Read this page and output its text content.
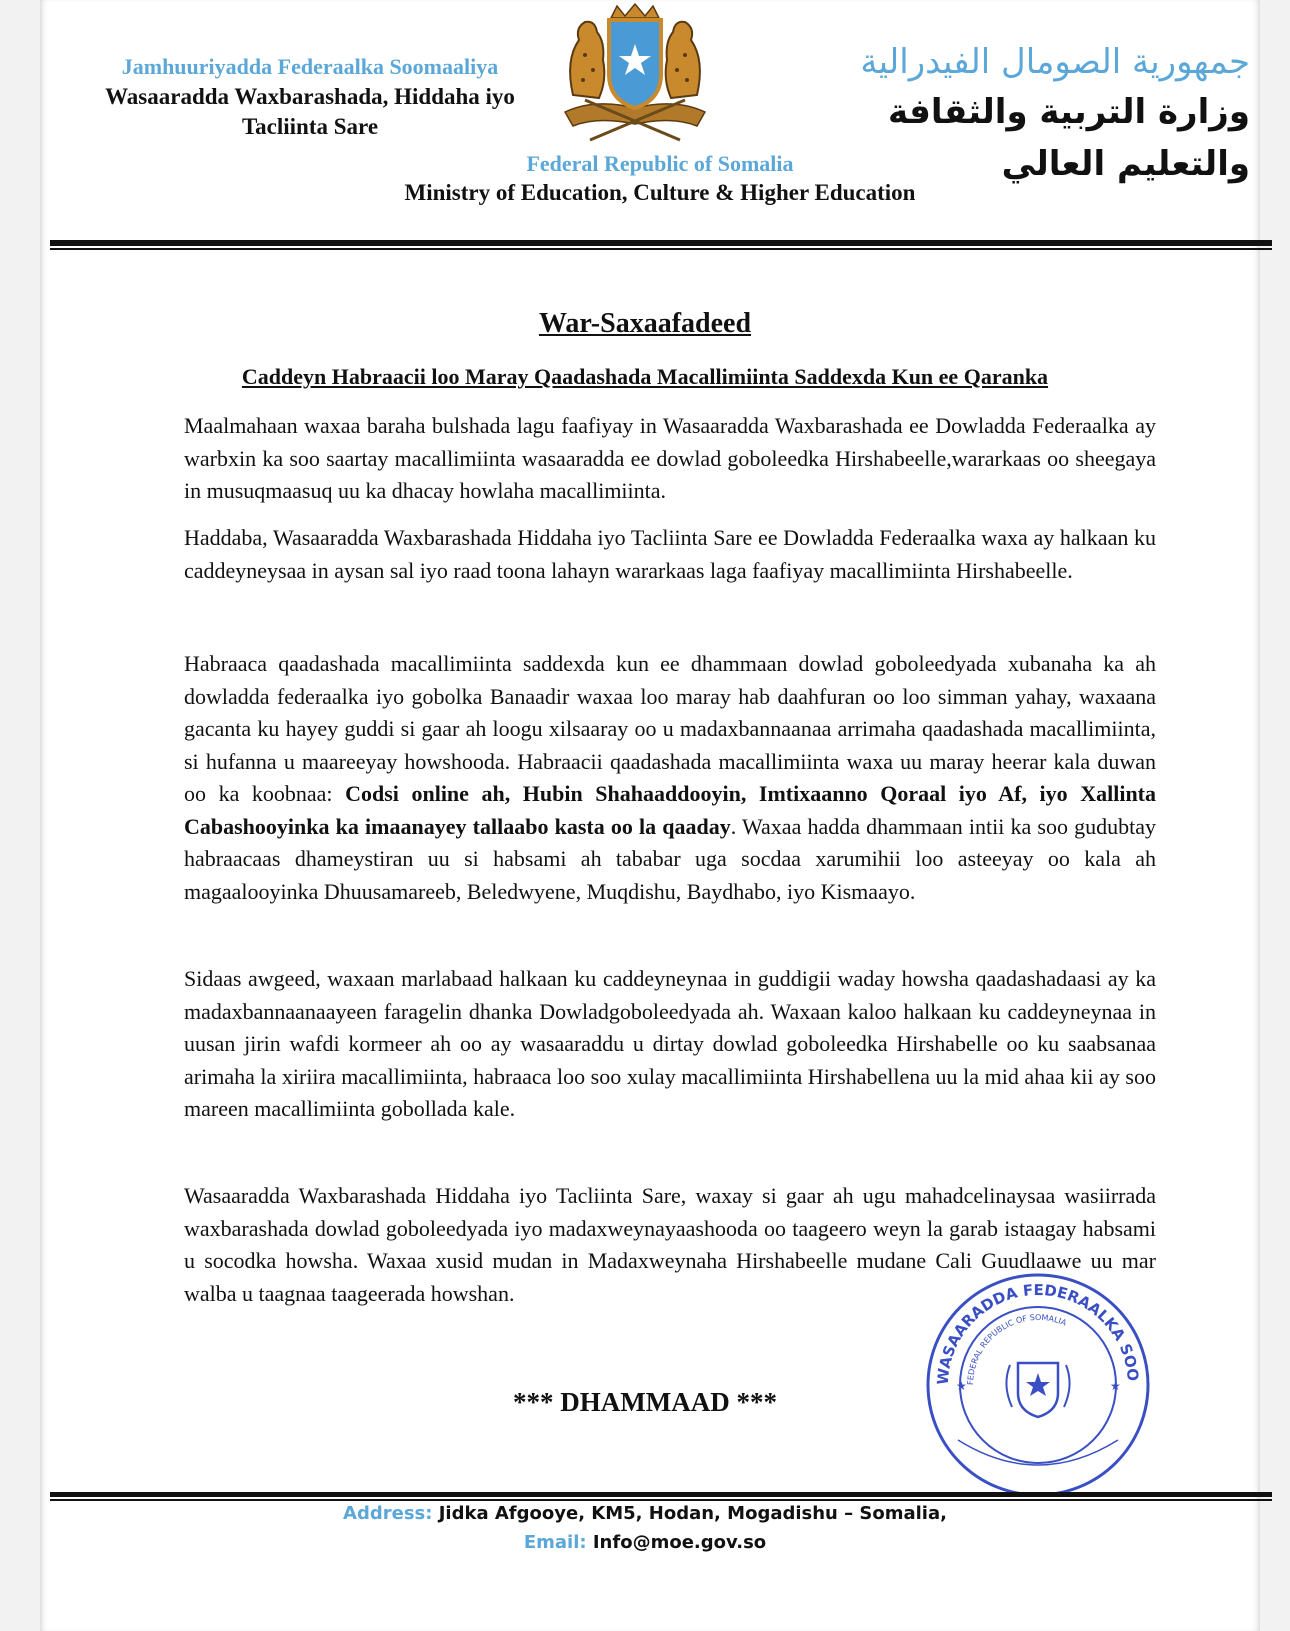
Jamhuuriyadda Federaalka Soomaaliya
Wasaaradda Waxbarashada, Hiddaha iyo
Tacliinta Sare
جمهورية الصومال الفيدرالية
وزارة التربية والثقافة والتعليم العالي
Federal Republic of Somalia
Ministry of Education, Culture & Higher Education
War-Saxaafadeed
Caddeyn Habraacii loo Maray Qaadashada Macallimiinta Saddexda Kun ee Qaranka
Maalmahaan waxaa baraha bulshada lagu faafiyay in Wasaaradda Waxbarashada ee Dowladda Federaalka ay warbxin ka soo saartay macallimiinta wasaaradda ee dowlad goboleedka Hirshabeelle,wararkaas oo sheegaya in musuqmaasuq uu ka dhacay howlaha macallimiinta.
Haddaba, Wasaaradda Waxbarashada Hiddaha iyo Tacliinta Sare ee Dowladda Federaalka waxa ay halkaan ku caddeyneysaa in aysan sal iyo raad toona lahayn wararkaas laga faafiyay macallimiinta Hirshabeelle.
Habraaca qaadashada macallimiinta saddexda kun ee dhammaan dowlad goboleedyada xubanaha ka ah dowladda federaalka iyo gobolka Banaadir waxaa loo maray hab daahfuran oo loo simman yahay, waxaana gacanta ku hayey guddi si gaar ah loogu xilsaaray oo u madaxbannaanaa arrimaha qaadashada macallimiinta, si hufanna u maareeyay howshooda. Habraacii qaadashada macallimiinta waxa uu maray heerar kala duwan oo ka koobnaa: Codsi online ah, Hubin Shahaaddooyin, Imtixaanno Qoraal iyo Af, iyo Xallinta Cabashooyinka ka imaanayey tallaabo kasta oo la qaaday. Waxaa hadda dhammaan intii ka soo gudubtay habraacaas dhameystiran uu si habsami ah tababar uga socdaa xarumihii loo asteeyay oo kala ah magaalooyinka Dhuusamareeb, Beledwyene, Muqdishu, Baydhabo, iyo Kismaayo.
Sidaas awgeed, waxaan marlabaad halkaan ku caddeyneynaa in guddigii waday howsha qaadashadaasi ay ka madaxbannaanaayeen faragelin dhanka Dowladgoboleedyada ah. Waxaan kaloo halkaan ku caddeyneynaa in uusan jirin wafdi kormeer ah oo ay wasaaraddu u dirtay dowlad goboleedka Hirshabelle oo ku saabsanaa arimaha la xiriira macallimiinta, habraaca loo soo xulay macallimiinta Hirshabellena uu la mid ahaa kii ay soo mareen macallimiinta gobollada kale.
Wasaaradda Waxbarashada Hiddaha iyo Tacliinta Sare, waxay si gaar ah ugu mahadcelinaysaa wasiirrada waxbarashada dowlad goboleedyada iyo madaxweynayaashooda oo taageero weyn la garab istaagay habsami u socodka howsha. Waxaa xusid mudan in Madaxweynaha Hirshabeelle mudane Cali Guudlaawe uu mar walba u taagnaa taageerada howshan.
*** DHAMMAAD ***
WASAARADDA FEDERAALKA SOO
FEDERAL REPUBLIC OF SOMALIA
★	★
Address: Jidka Afgooye, KM5, Hodan, Mogadishu – Somalia,
Email: Info@moe.gov.so
